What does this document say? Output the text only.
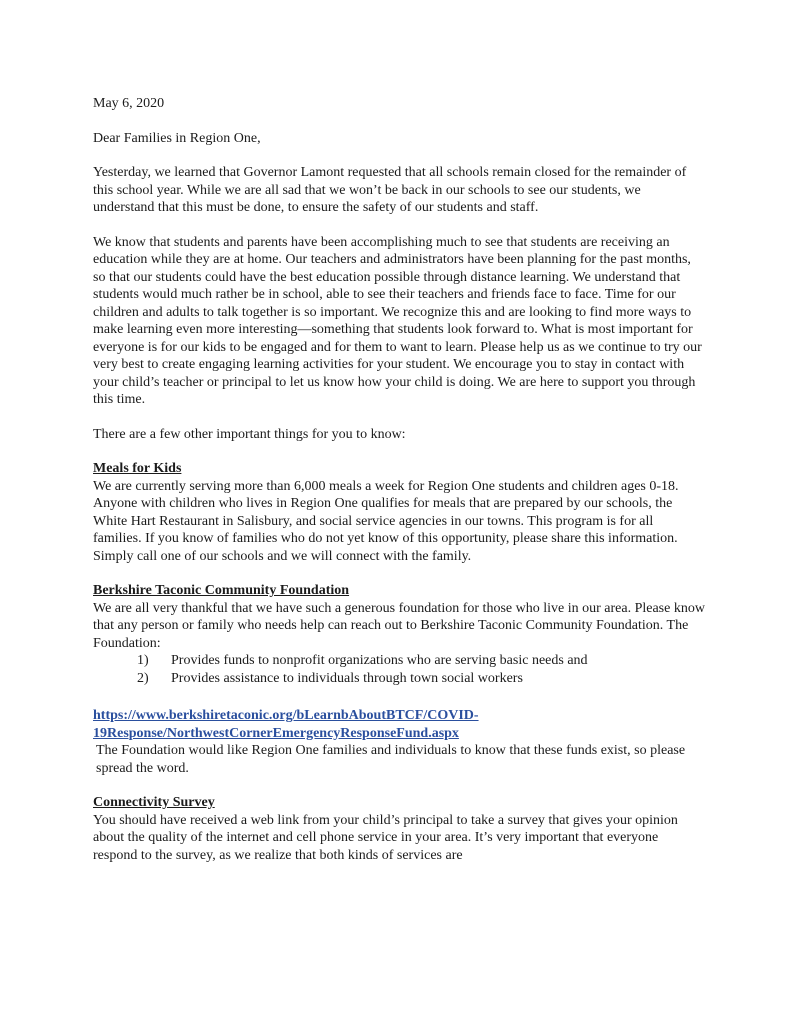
May 6, 2020

Dear Families in Region One,

Yesterday, we learned that Governor Lamont requested that all schools remain closed for the remainder of this school year. While we are all sad that we won’t be back in our schools to see our students, we understand that this must be done, to ensure the safety of our students and staff.

We know that students and parents have been accomplishing much to see that students are receiving an education while they are at home. Our teachers and administrators have been planning for the past months, so that our students could have the best education possible through distance learning. We understand that students would much rather be in school, able to see their teachers and friends face to face. Time for our children and adults to talk together is so important. We recognize this and are looking to find more ways to make learning even more interesting—something that students look forward to. What is most important for everyone is for our kids to be engaged and for them to want to learn. Please help us as we continue to try our very best to create engaging learning activities for your student. We encourage you to stay in contact with your child’s teacher or principal to let us know how your child is doing. We are here to support you through this time.

There are a few other important things for you to know:

Meals for Kids

We are currently serving more than 6,000 meals a week for Region One students and children ages 0-18. Anyone with children who lives in Region One qualifies for meals that are prepared by our schools, the White Hart Restaurant in Salisbury, and social service agencies in our towns. This program is for all families. If you know of families who do not yet know of this opportunity, please share this information. Simply call one of our schools and we will connect with the family.

Berkshire Taconic Community Foundation

We are all very thankful that we have such a generous foundation for those who live in our area. Please know that any person or family who needs help can reach out to Berkshire Taconic Community Foundation. The Foundation:

1)	Provides funds to nonprofit organizations who are serving basic needs and
2)	Provides assistance to individuals through town social workers
https://www.berkshiretaconic.org/bLearnbAboutBTCF/COVID-
19Response/NorthwestCornerEmergencyResponseFund.aspx

The Foundation would like Region One families and individuals to know that these funds exist, so please spread the word.

Connectivity Survey

You should have received a web link from your child’s principal to take a survey that gives your opinion about the quality of the internet and cell phone service in your area. It’s very important that everyone respond to the survey, as we realize that both kinds of services are
